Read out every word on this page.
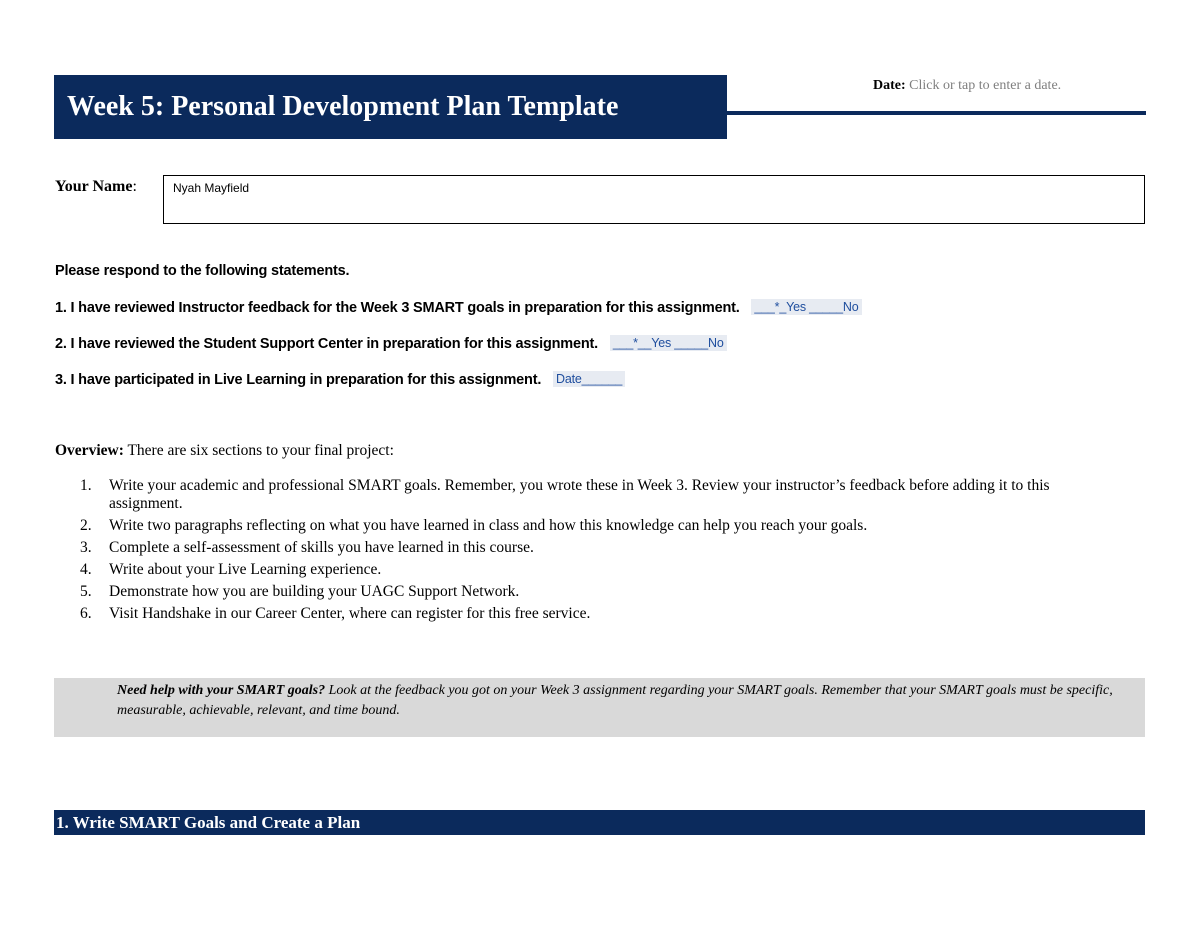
Week 5: Personal Development Plan Template
Date: Click or tap to enter a date.
Your Name:	Nyah Mayfield
Please respond to the following statements.
1. I have reviewed Instructor feedback for the Week 3 SMART goals in preparation for this assignment. ___*_Yes _____No
2. I have reviewed the Student Support Center in preparation for this assignment. ___*__Yes _____No
3. I have participated in Live Learning in preparation for this assignment. Date______
Overview: There are six sections to your final project:
1. Write your academic and professional SMART goals. Remember, you wrote these in Week 3. Review your instructor’s feedback before adding it to this assignment.
2. Write two paragraphs reflecting on what you have learned in class and how this knowledge can help you reach your goals.
3. Complete a self-assessment of skills you have learned in this course.
4. Write about your Live Learning experience.
5. Demonstrate how you are building your UAGC Support Network.
6. Visit Handshake in our Career Center, where can register for this free service.
Need help with your SMART goals? Look at the feedback you got on your Week 3 assignment regarding your SMART goals. Remember that your SMART goals must be specific, measurable, achievable, relevant, and time bound.
1. Write SMART Goals and Create a Plan
